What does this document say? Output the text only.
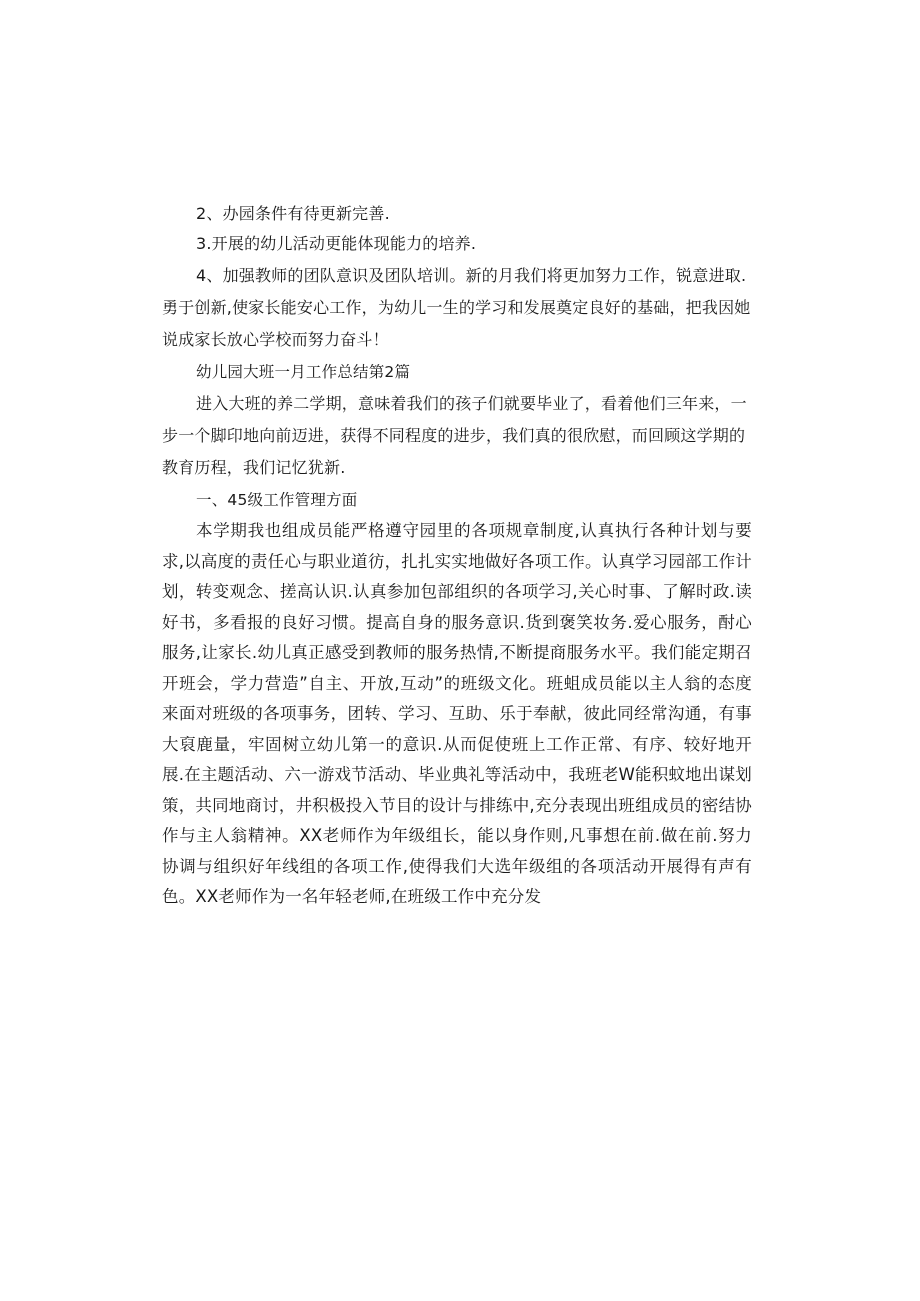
2、办园条件有待更新完善.

3.开展的幼儿活动更能体现能力的培养.

4、加强教师的团队意识及团队培训。新的月我们将更加努力工作，锐意进取.勇于创新,使家长能安心工作，为幼儿一生的学习和发展奠定良好的基础，把我因她说成家长放心学校而努力奋斗！

幼儿园大班一月工作总结第2篇

进入大班的养二学期，意味着我们的孩子们就要毕业了，看着他们三年来，一步一个脚印地向前迈进，获得不同程度的进步，我们真的很欣慰，而回顾这学期的教育历程，我们记忆犹新.

一、45级工作管理方面

本学期我也组成员能严格遵守园里的各项规章制度,认真执行各种计划与要求,以高度的责任心与职业道彷，扎扎实实地做好各项工作。认真学习园部工作计划，转变观念、搓高认识.认真参加包部组织的各项学习,关心时事、了解时政.读好书，多看报的良好习惯。提高自身的服务意识.货到褒笑妆务.爱心服务，酎心服务,让家长.幼儿真正感受到教师的服务热情,不断提商服务水平。我们能定期召开班会，学力营造”自主、开放,互动”的班级文化。班蛆成员能以主人翁的态度来面对班级的各项事务，团转、学习、互助、乐于奉献，彼此同经常沟通，有事大裒鹿量，牢固树立幼儿第一的意识.从而促使班上工作正常、有序、较好地开展.在主题活动、六一游戏节活动、毕业典礼等活动中，我班老W能积蚊地出谋划策，共同地商讨，井积极投入节目的设计与排练中,充分表现出班组成员的密结协作与主人翁精神。XX老师作为年级组长，能以身作则,凡事想在前.做在前.努力协调与组织好年线组的各项工作,使得我们大选年级组的各项活动开展得有声有色。XX老师作为一名年轻老师,在班级工作中充分发
